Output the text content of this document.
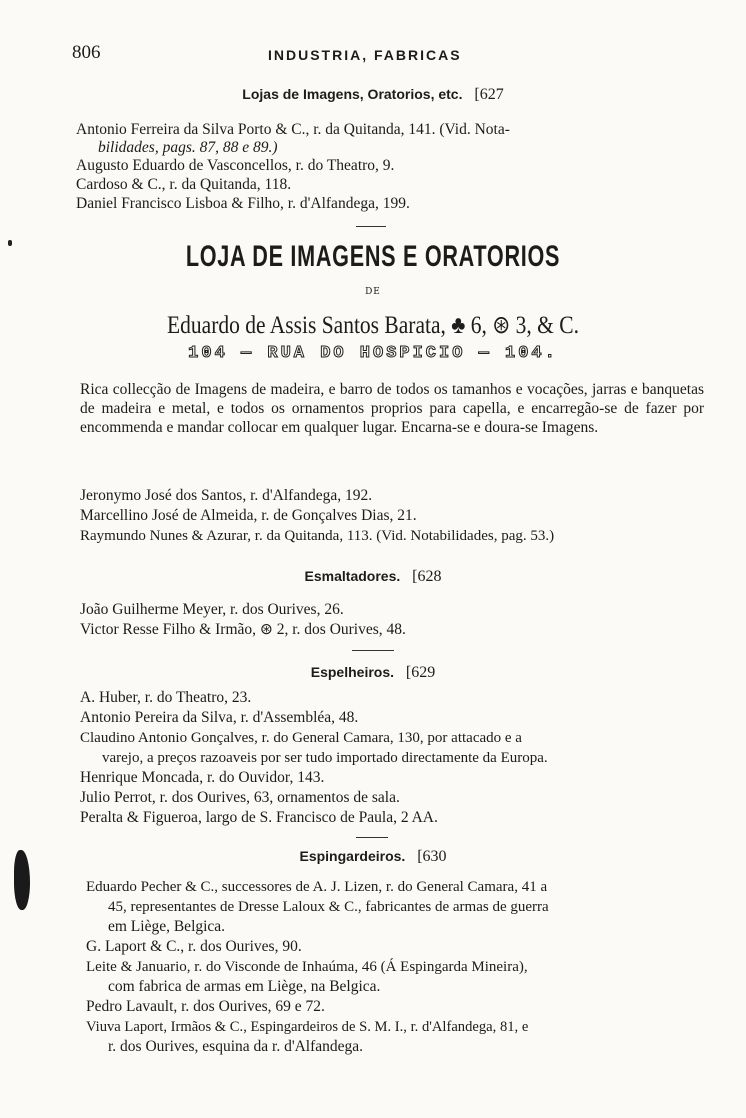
806	INDUSTRIA, FABRICAS
Lojas de Imagens, Oratorios, etc. [627
Antonio Ferreira da Silva Porto & C., r. da Quitanda, 141. (Vid. Nota-
bilidades, pags. 87, 88 e 89.)
Augusto Eduardo de Vasconcellos, r. do Theatro, 9.
Cardoso & C., r. da Quitanda, 118.
Daniel Francisco Lisboa & Filho, r. d'Alfandega, 199.
LOJA DE IMAGENS E ORATORIOS
DE
Eduardo de Assis Santos Barata, ♣ 6, ⊛ 3, & C.
104 — RUA DO HOSPICIO — 104.
Rica collecção de Imagens de madeira, e barro de todos os tamanhos e vocações, jarras e banquetas de madeira e metal, e todos os ornamentos proprios para capella, e encarregão-se de fazer por encommenda e mandar collocar em qualquer lugar. Encarna-se e doura-se Imagens.
Jeronymo José dos Santos, r. d'Alfandega, 192.
Marcellino José de Almeida, r. de Gonçalves Dias, 21.
Raymundo Nunes & Azurar, r. da Quitanda, 113. (Vid. Notabilidades, pag. 53.)
Esmaltadores. [628
João Guilherme Meyer, r. dos Ourives, 26.
Victor Resse Filho & Irmão, ⊛ 2, r. dos Ourives, 48.
Espelheiros. [629
A. Huber, r. do Theatro, 23.
Antonio Pereira da Silva, r. d'Assembléa, 48.
Claudino Antonio Gonçalves, r. do General Camara, 130, por attacado e a
varejo, a preços razoaveis por ser tudo importado directamente da Europa.
Henrique Moncada, r. do Ouvidor, 143.
Julio Perrot, r. dos Ourives, 63, ornamentos de sala.
Peralta & Figueroa, largo de S. Francisco de Paula, 2 AA.
Espingardeiros. [630
Eduardo Pecher & C., successores de A. J. Lizen, r. do General Camara, 41 a
45, representantes de Dresse Laloux & C., fabricantes de armas de guerra
em Liège, Belgica.
G. Laport & C., r. dos Ourives, 90.
Leite & Januario, r. do Visconde de Inhaúma, 46 (Á Espingarda Mineira),
com fabrica de armas em Liège, na Belgica.
Pedro Lavault, r. dos Ourives, 69 e 72.
Viuva Laport, Irmãos & C., Espingardeiros de S. M. I., r. d'Alfandega, 81, e
r. dos Ourives, esquina da r. d'Alfandega.
